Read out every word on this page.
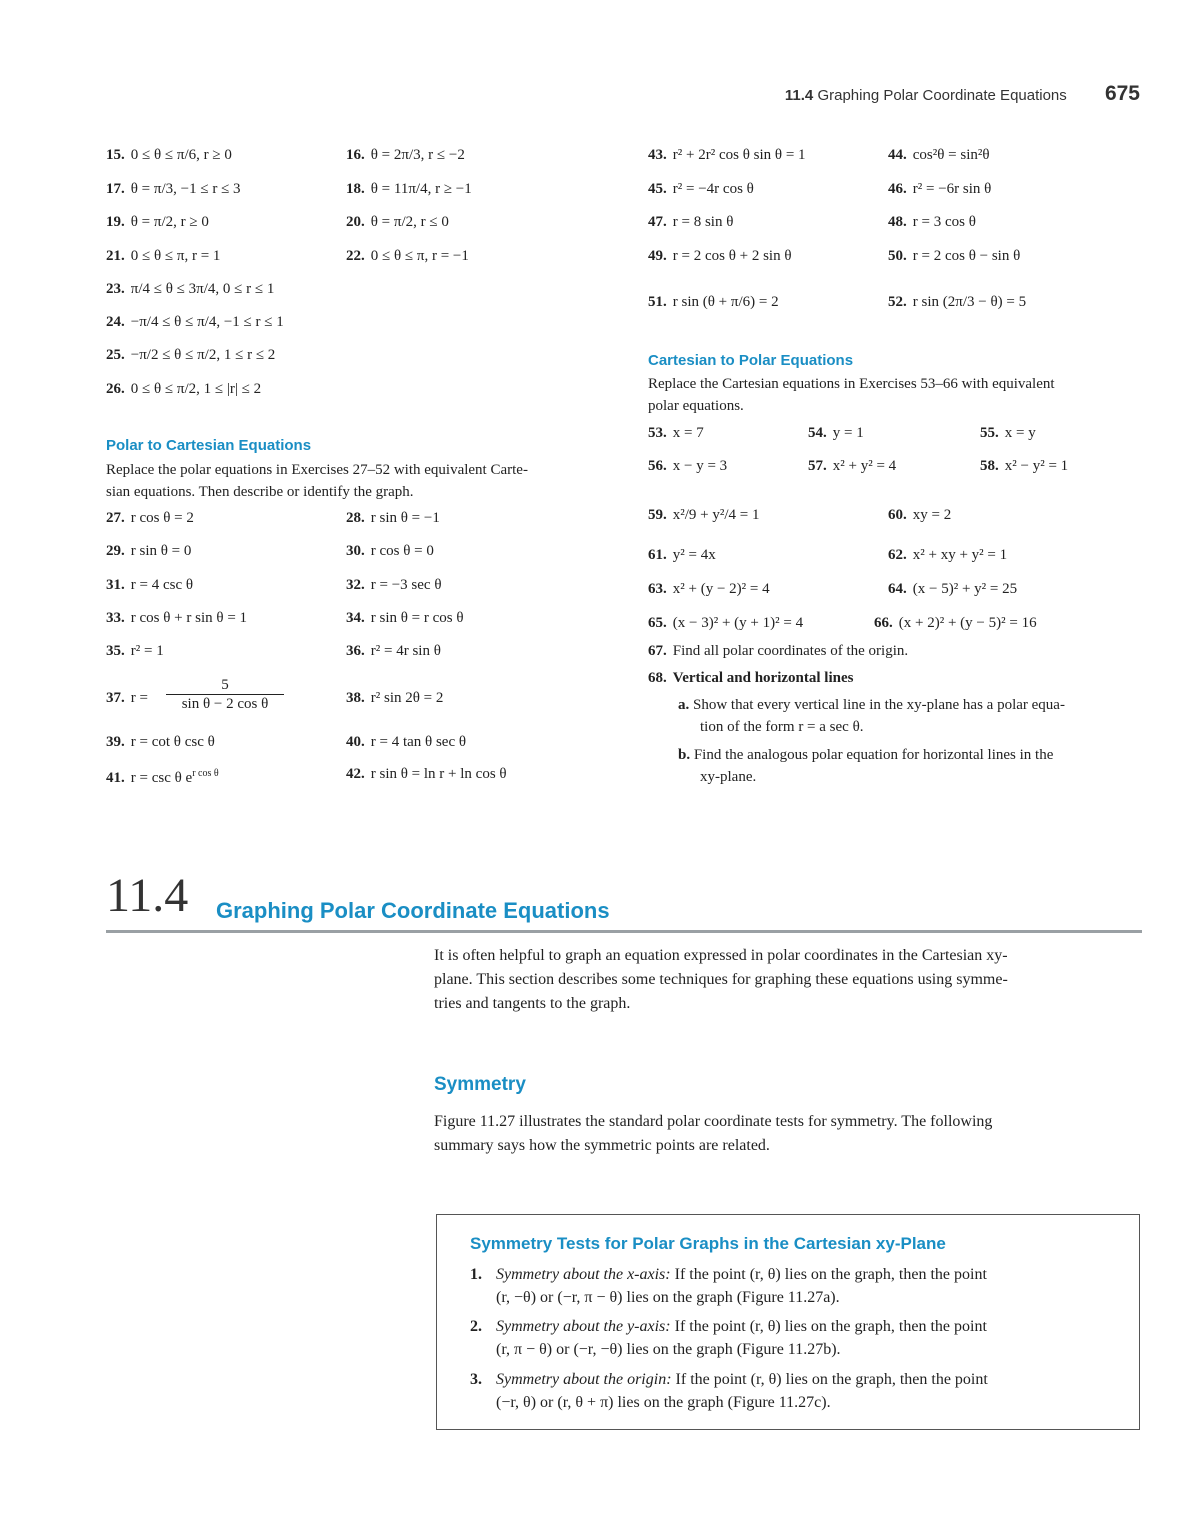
11.4 Graphing Polar Coordinate Equations 675
15. 0 ≤ θ ≤ π/6, r ≥ 0	16. θ = 2π/3, r ≤ −2
17. θ = π/3, −1 ≤ r ≤ 3	18. θ = 11π/4, r ≥ −1
19. θ = π/2, r ≥ 0	20. θ = π/2, r ≤ 0
21. 0 ≤ θ ≤ π, r = 1	22. 0 ≤ θ ≤ π, r = −1
23. π/4 ≤ θ ≤ 3π/4, 0 ≤ r ≤ 1
24. −π/4 ≤ θ ≤ π/4, −1 ≤ r ≤ 1
25. −π/2 ≤ θ ≤ π/2, 1 ≤ r ≤ 2
26. 0 ≤ θ ≤ π/2, 1 ≤ |r| ≤ 2
Polar to Cartesian Equations
Replace the polar equations in Exercises 27–52 with equivalent Carte-
sian equations. Then describe or identify the graph.
27. r cos θ = 2	28. r sin θ = −1
29. r sin θ = 0	30. r cos θ = 0
31. r = 4 csc θ	32. r = −3 sec θ
33. r cos θ + r sin θ = 1	34. r sin θ = r cos θ
35. r² = 1	36. r² = 4r sin θ
37. $r = \frac{5}{\text{sin θ − 2 cos θ}}$	38. r² sin 2θ = 2
39. r = cot θ csc θ	40. r = 4 tan θ sec θ
41. r = csc θ $e^{r cos \theta}$	42. r sin θ = ln r + ln cos θ
43. r² + 2r² cos θ sin θ = 1	44. cos²θ = sin²θ
45. r² = −4r cos θ	46. r² = −6r sin θ
47. r = 8 sin θ	48. r = 3 cos θ
49. r = 2 cos θ + 2 sin θ	50. r = 2 cos θ − sin θ
51. r sin (θ + π/6) = 2	52. r sin (2π/3 − θ) = 5
Cartesian to Polar Equations
Replace the Cartesian equations in Exercises 53–66 with equivalent
polar equations.
53. x = 7	54. y = 1	55. x = y
56. x − y = 3	57. x² + y² = 4	58. x² − y² = 1
59. x²/9 + y²/4 = 1	60. xy = 2
61. y² = 4x	62. x² + xy + y² = 1
63. x² + (y − 2)² = 4	64. (x − 5)² + y² = 25
65. (x − 3)² + (y + 1)² = 4	66. (x + 2)² + (y − 5)² = 16
67. Find all polar coordinates of the origin.
68. Vertical and horizontal lines
a. Show that every vertical line in the xy-plane has a polar equa-
tion of the form r = a sec θ.
b. Find the analogous polar equation for horizontal lines in the
xy-plane.
11.4 Graphing Polar Coordinate Equations
It is often helpful to graph an equation expressed in polar coordinates in the Cartesian xy-
plane. This section describes some techniques for graphing these equations using symme-
tries and tangents to the graph.
Symmetry
Figure 11.27 illustrates the standard polar coordinate tests for symmetry. The following
summary says how the symmetric points are related.
Symmetry Tests for Polar Graphs in the Cartesian xy-Plane
1. Symmetry about the x-axis: If the point (r, θ) lies on the graph, then the point
(r, −θ) or (−r, π − θ) lies on the graph (Figure 11.27a).
2. Symmetry about the y-axis: If the point (r, θ) lies on the graph, then the point
(r, π − θ) or (−r, −θ) lies on the graph (Figure 11.27b).
3. Symmetry about the origin: If the point (r, θ) lies on the graph, then the point
(−r, θ) or (r, θ + π) lies on the graph (Figure 11.27c).
